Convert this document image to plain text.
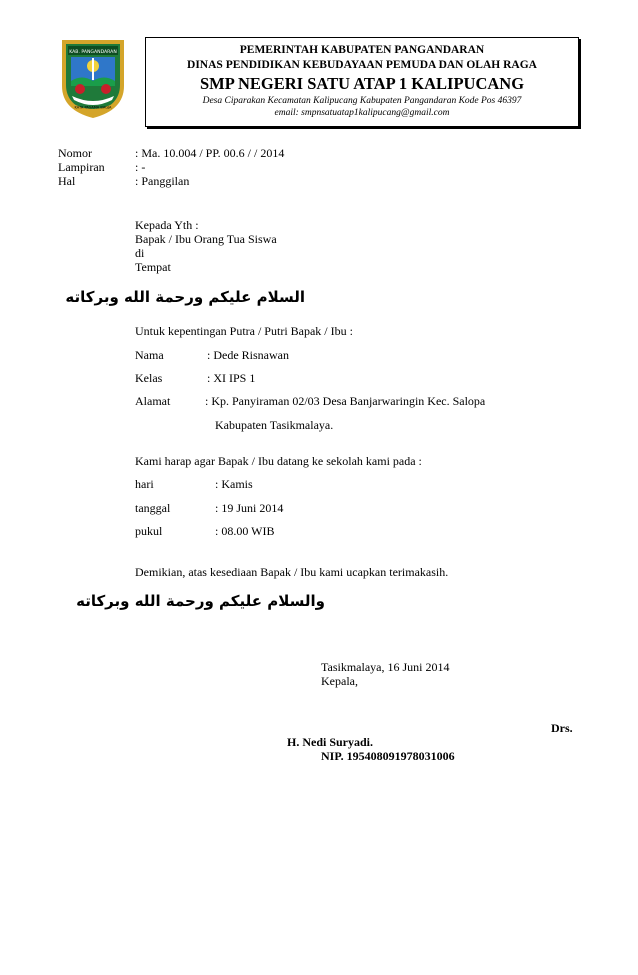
KAB. PANGANDARAN
KATA PASAMA BAGJA
PEMERINTAH KABUPATEN PANGANDARAN
DINAS PENDIDIKAN KEBUDAYAAN PEMUDA DAN OLAH RAGA
SMP NEGERI SATU ATAP 1 KALIPUCANG
Desa Ciparakan Kecamatan Kalipucang Kabupaten Pangandaran Kode Pos 46397
email: smpnsatuatap1kalipucang@gmail.com
Nomor	: Ma. 10.004 / PP. 00.6 / / 2014
Lampiran	: -
Hal	: Panggilan
Kepada Yth :
Bapak / Ibu Orang Tua Siswa
di
Tempat
السلام عليكم ورحمة الله وبركاته
Untuk kepentingan Putra / Putri Bapak / Ibu :
Nama	: Dede Risnawan
Kelas	: XI IPS 1
Alamat	: Kp. Panyiraman 02/03 Desa Banjarwaringin Kec. Salopa
Kabupaten Tasikmalaya.
Kami harap agar Bapak / Ibu datang ke sekolah kami pada :
hari	: Kamis
tanggal	: 19 Juni 2014
pukul	: 08.00 WIB
Demikian, atas kesediaan Bapak / Ibu kami ucapkan terimakasih.
والسلام عليكم ورحمة الله وبركاته
Tasikmalaya, 16 Juni 2014
Kepala,
Drs.
H. Nedi Suryadi.
NIP. 195408091978031006
